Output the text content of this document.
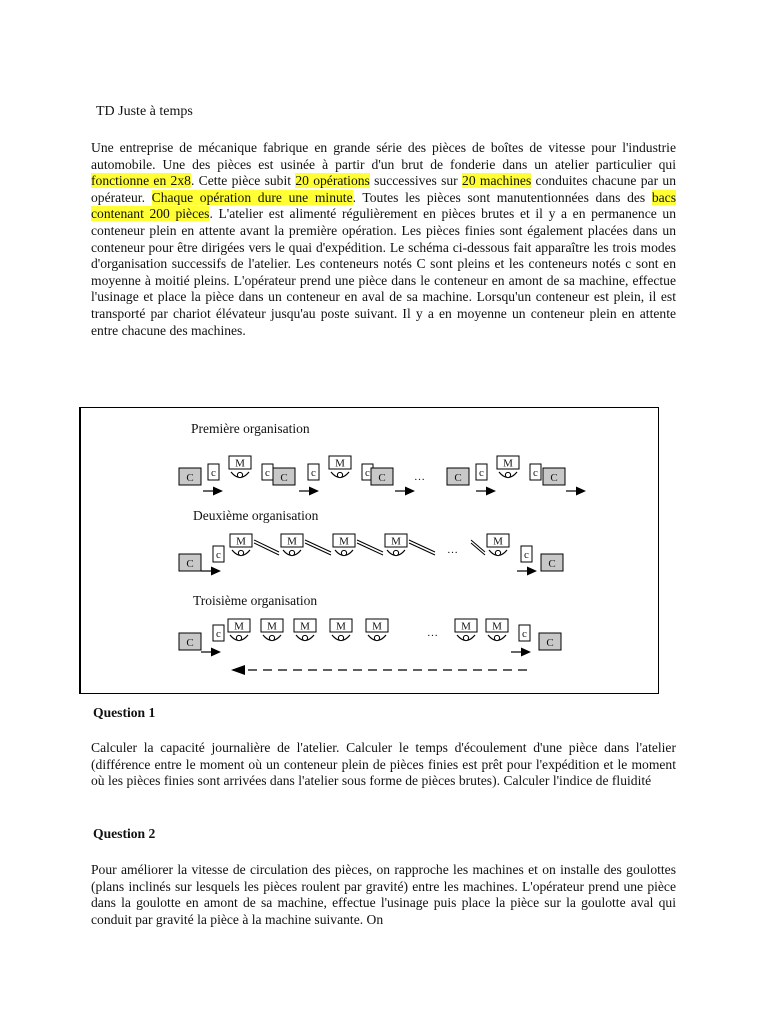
TD Juste à temps

Une entreprise de mécanique fabrique en grande série des pièces de boîtes de vitesse pour l'industrie automobile. Une des pièces est usinée à partir d'un brut de fonderie dans un atelier particulier qui fonctionne en 2x8. Cette pièce subit 20 opérations successives sur 20 machines conduites chacune par un opérateur. Chaque opération dure une minute. Toutes les pièces sont manutentionnées dans des bacs contenant 200 pièces. L'atelier est alimenté régulièrement en pièces brutes et il y a en permanence un conteneur plein en attente avant la première opération. Les pièces finies sont également placées dans un conteneur pour être dirigées vers le quai d'expédition. Le schéma ci-dessous fait apparaître les trois modes d'organisation successifs de l'atelier. Les conteneurs notés C sont pleins et les conteneurs notés c sont en moyenne à moitié pleins. L'opérateur prend une pièce dans le conteneur en amont de sa machine, effectue l'usinage et place la pièce dans un conteneur en aval de sa machine. Lorsqu'un conteneur est plein, il est transporté par chariot élévateur jusqu'au poste suivant. Il y a en moyenne un conteneur plein en attente entre chacune des machines.

Première organisation
Deuxième organisation
Troisième organisation
C c
M
c C c
M
c	C c
M
c
C	C
…
C
c
M	M	M	M
…
M
c
C
C
c
M M M M M
…
M M
c
C
Question 1

Calculer la capacité journalière de l'atelier. Calculer le temps d'écoulement d'une pièce dans l'atelier (différence entre le moment où un conteneur plein de pièces finies est prêt pour l'expédition et le moment où les pièces finies sont arrivées dans l'atelier sous forme de pièces brutes). Calculer l'indice de fluidité

Question 2

Pour améliorer la vitesse de circulation des pièces, on rapproche les machines et on installe des goulottes (plans inclinés sur lesquels les pièces roulent par gravité) entre les machines. L'opérateur prend une pièce dans la goulotte en amont de sa machine, effectue l'usinage puis place la pièce sur la goulotte aval qui conduit par gravité la pièce à la machine suivante. On
